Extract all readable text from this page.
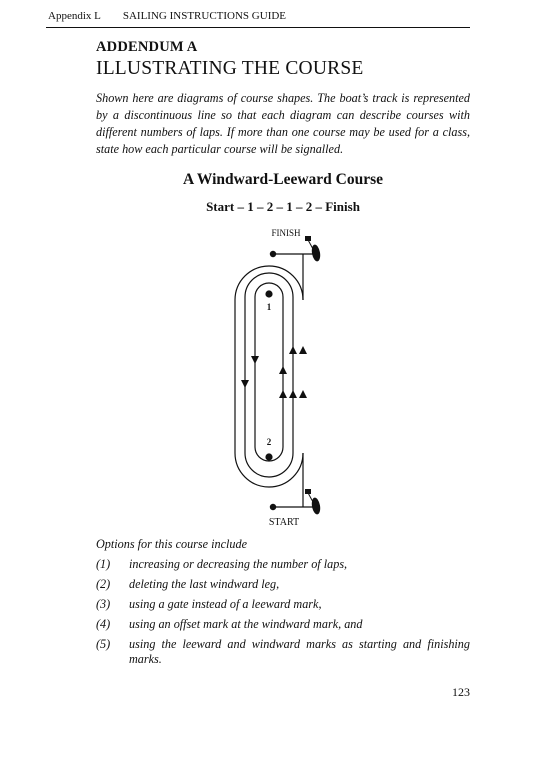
Appendix L SAILING INSTRUCTIONS GUIDE
ADDENDUM A
ILLUSTRATING THE COURSE

Shown here are diagrams of course shapes. The boat’s track is represented by a discontinuous line so that each diagram can describe courses with different numbers of laps. If more than one course may be used for a class, state how each particular course will be signalled.

A Windward-Leeward Course
Start – 1 – 2 – 1 – 2 – Finish
FINISH
START
1
2
Options for this course include
(1) increasing or decreasing the number of laps,
(2) deleting the last windward leg,
(3) using a gate instead of a leeward mark,
(4) using an offset mark at the windward mark, and
(5) using the leeward and windward marks as starting and finishing marks.
123
